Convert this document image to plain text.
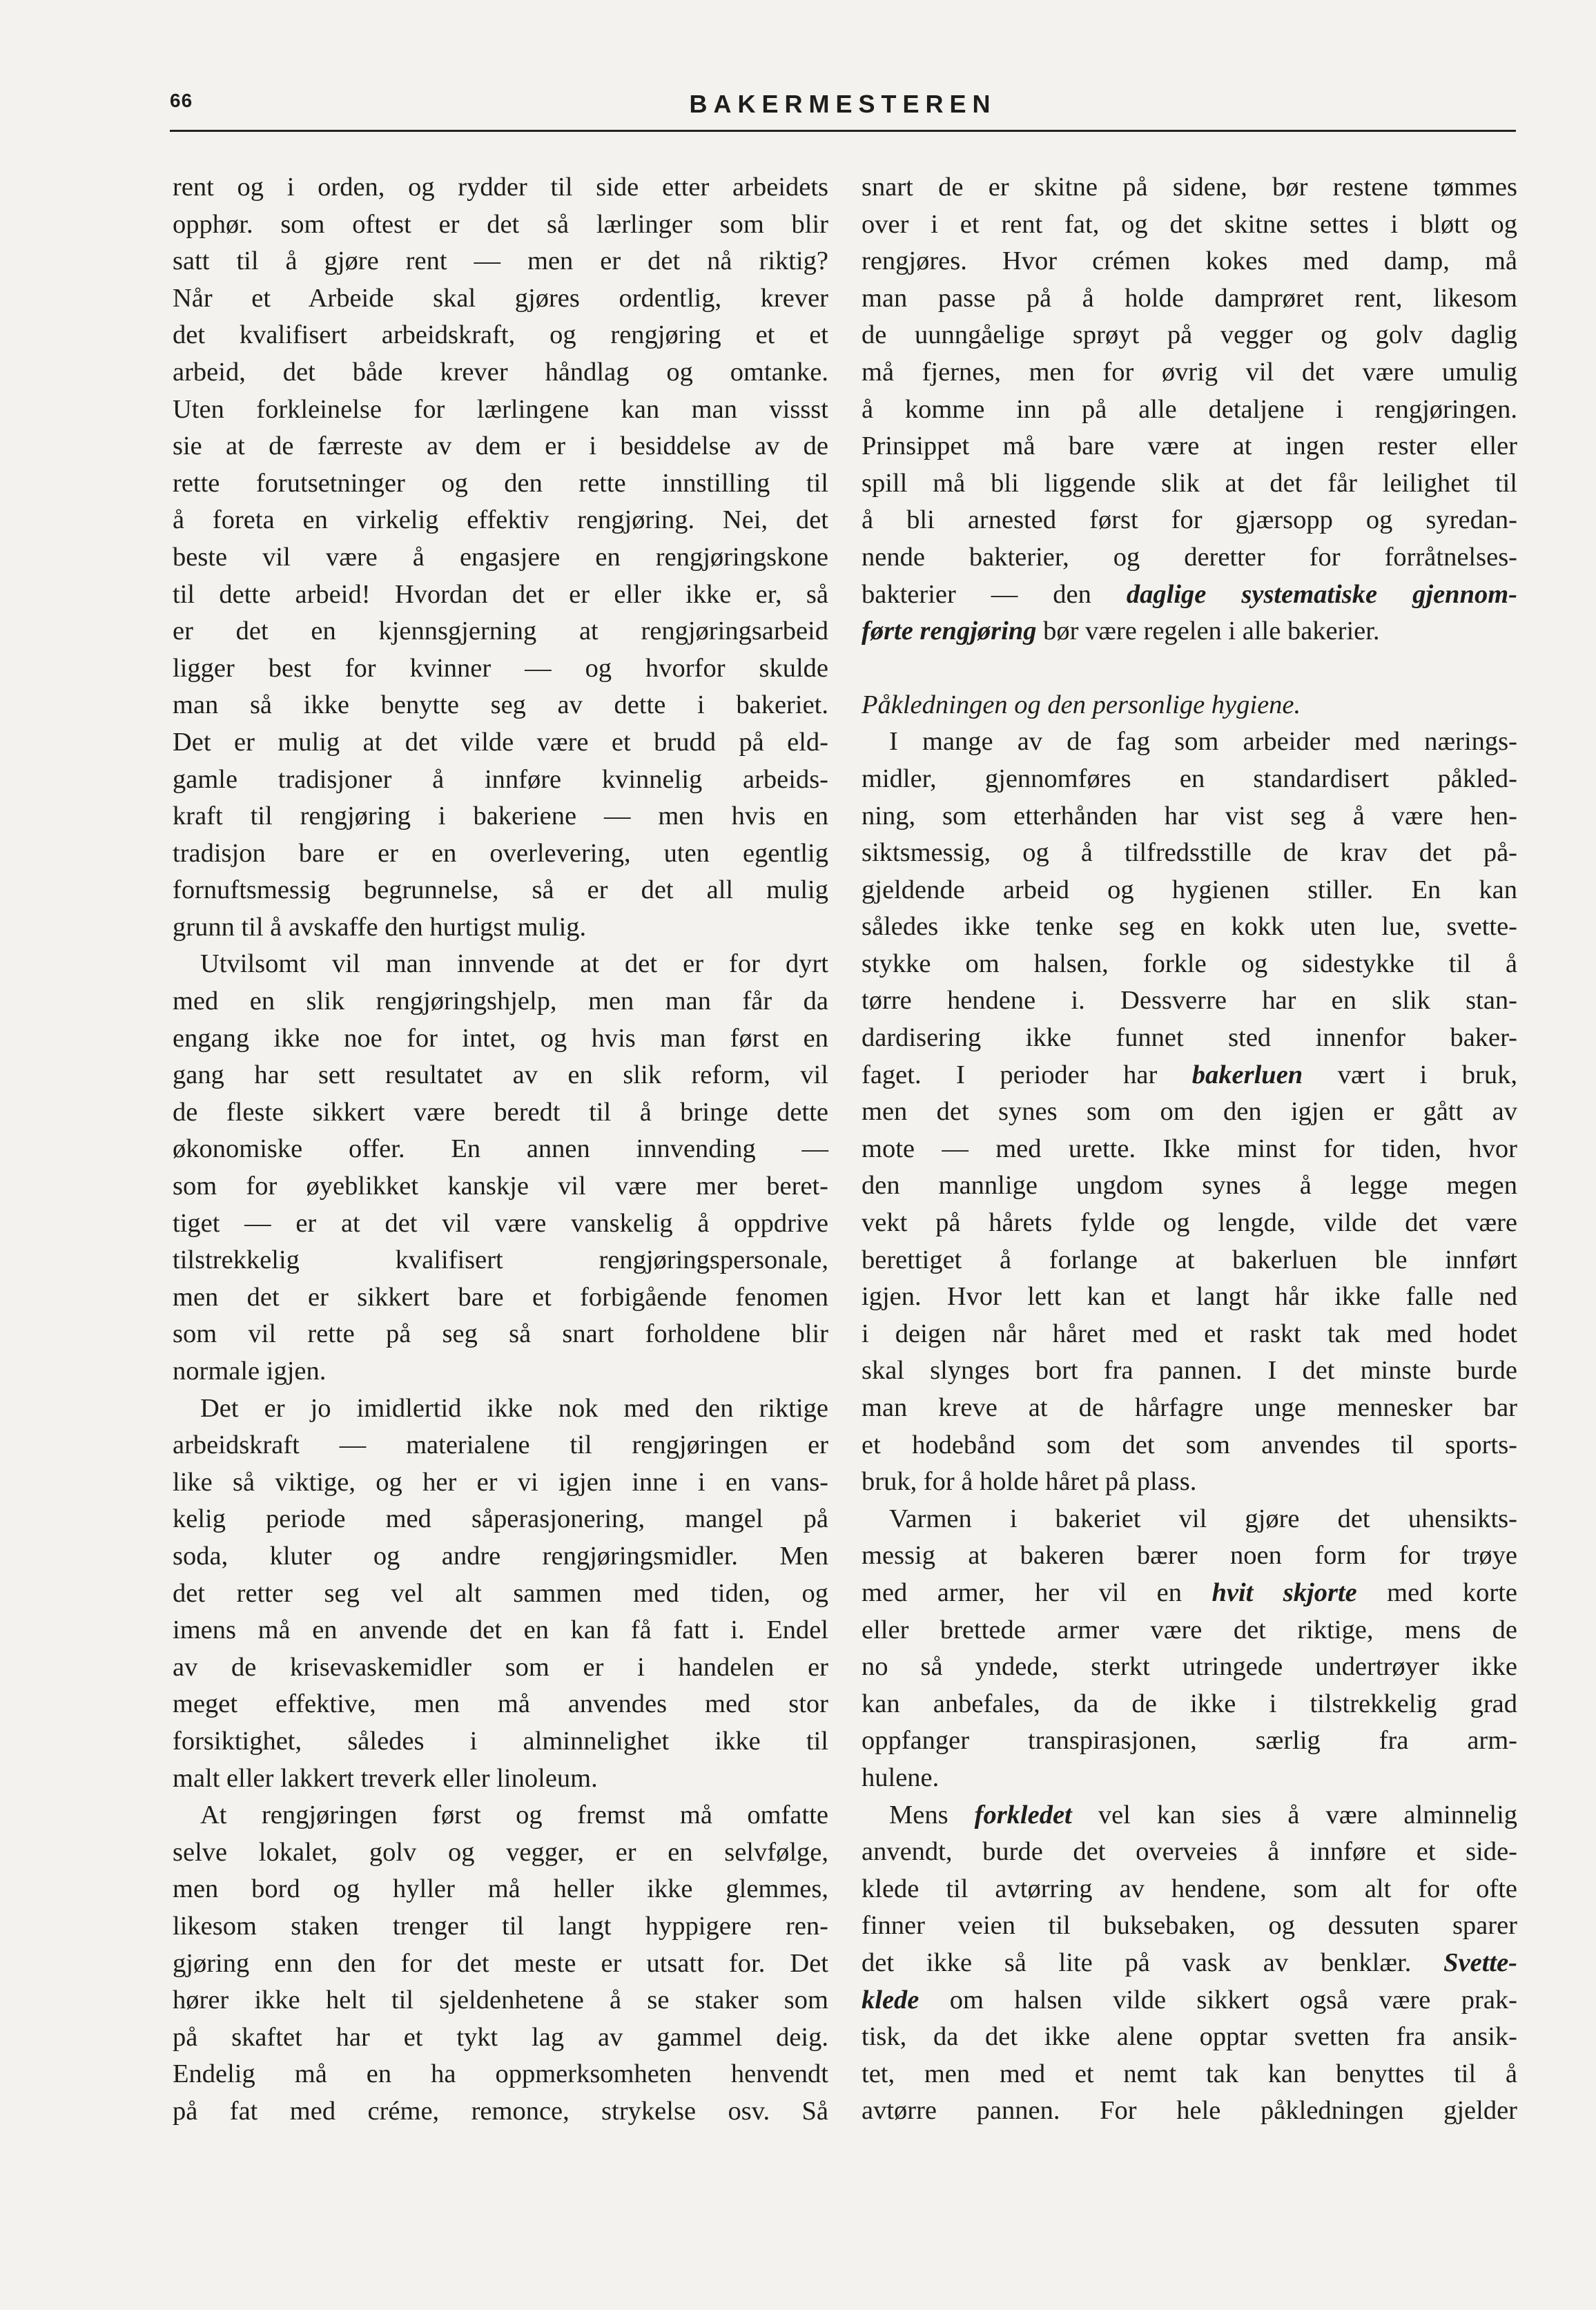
66	BAKERMESTEREN
rent og i orden, og rydder til side etter arbeidets
opphør. som oftest er det så lærlinger som blir
satt til å gjøre rent — men er det nå riktig?
Når et Arbeide skal gjøres ordentlig, krever
det kvalifisert arbeidskraft, og rengjøring et et
arbeid, det både krever håndlag og omtanke.
Uten forkleinelse for lærlingene kan man vissst
sie at de færreste av dem er i besiddelse av de
rette forutsetninger og den rette innstilling til
å foreta en virkelig effektiv rengjøring. Nei, det
beste vil være å engasjere en rengjøringskone
til dette arbeid! Hvordan det er eller ikke er, så
er det en kjennsgjerning at rengjøringsarbeid
ligger best for kvinner — og hvorfor skulde
man så ikke benytte seg av dette i bakeriet.
Det er mulig at det vilde være et brudd på eld-
gamle tradisjoner å innføre kvinnelig arbeids-
kraft til rengjøring i bakeriene — men hvis en
tradisjon bare er en overlevering, uten egentlig
fornuftsmessig begrunnelse, så er det all mulig
grunn til å avskaffe den hurtigst mulig.
Utvilsomt vil man innvende at det er for dyrt
med en slik rengjøringshjelp, men man får da
engang ikke noe for intet, og hvis man først en
gang har sett resultatet av en slik reform, vil
de fleste sikkert være beredt til å bringe dette
økonomiske offer. En annen innvending —
som for øyeblikket kanskje vil være mer beret-
tiget — er at det vil være vanskelig å oppdrive
tilstrekkelig kvalifisert rengjøringspersonale,
men det er sikkert bare et forbigående fenomen
som vil rette på seg så snart forholdene blir
normale igjen.
Det er jo imidlertid ikke nok med den riktige
arbeidskraft — materialene til rengjøringen er
like så viktige, og her er vi igjen inne i en vans-
kelig periode med såperasjonering, mangel på
soda, kluter og andre rengjøringsmidler. Men
det retter seg vel alt sammen med tiden, og
imens må en anvende det en kan få fatt i. Endel
av de krisevaskemidler som er i handelen er
meget effektive, men må anvendes med stor
forsiktighet, således i alminnelighet ikke til
malt eller lakkert treverk eller linoleum.
At rengjøringen først og fremst må omfatte
selve lokalet, golv og vegger, er en selvfølge,
men bord og hyller må heller ikke glemmes,
likesom staken trenger til langt hyppigere ren-
gjøring enn den for det meste er utsatt for. Det
hører ikke helt til sjeldenhetene å se staker som
på skaftet har et tykt lag av gammel deig.
Endelig må en ha oppmerksomheten henvendt
på fat med créme, remonce, strykelse osv. Så
snart de er skitne på sidene, bør restene tømmes
over i et rent fat, og det skitne settes i bløtt og
rengjøres. Hvor crémen kokes med damp, må
man passe på å holde damprøret rent, likesom
de uunngåelige sprøyt på vegger og golv daglig
må fjernes, men for øvrig vil det være umulig
å komme inn på alle detaljene i rengjøringen.
Prinsippet må bare være at ingen rester eller
spill må bli liggende slik at det får leilighet til
å bli arnested først for gjærsopp og syredan-
nende bakterier, og deretter for forråtnelses-
bakterier — den daglige systematiske gjennom-
førte rengjøring bør være regelen i alle bakerier.
Påkledningen og den personlige hygiene.
I mange av de fag som arbeider med nærings-
midler, gjennomføres en standardisert påkled-
ning, som etterhånden har vist seg å være hen-
siktsmessig, og å tilfredsstille de krav det på-
gjeldende arbeid og hygienen stiller. En kan
således ikke tenke seg en kokk uten lue, svette-
stykke om halsen, forkle og sidestykke til å
tørre hendene i. Dessverre har en slik stan-
dardisering ikke funnet sted innenfor baker-
faget. I perioder har bakerluen vært i bruk,
men det synes som om den igjen er gått av
mote — med urette. Ikke minst for tiden, hvor
den mannlige ungdom synes å legge megen
vekt på hårets fylde og lengde, vilde det være
berettiget å forlange at bakerluen ble innført
igjen. Hvor lett kan et langt hår ikke falle ned
i deigen når håret med et raskt tak med hodet
skal slynges bort fra pannen. I det minste burde
man kreve at de hårfagre unge mennesker bar
et hodebånd som det som anvendes til sports-
bruk, for å holde håret på plass.
Varmen i bakeriet vil gjøre det uhensikts-
messig at bakeren bærer noen form for trøye
med armer, her vil en hvit skjorte med korte
eller brettede armer være det riktige, mens de
no så yndede, sterkt utringede undertrøyer ikke
kan anbefales, da de ikke i tilstrekkelig grad
oppfanger transpirasjonen, særlig fra arm-
hulene.
Mens forkledet vel kan sies å være alminnelig
anvendt, burde det overveies å innføre et side-
klede til avtørring av hendene, som alt for ofte
finner veien til buksebaken, og dessuten sparer
det ikke så lite på vask av benklær. Svette-
klede om halsen vilde sikkert også være prak-
tisk, da det ikke alene opptar svetten fra ansik-
tet, men med et nemt tak kan benyttes til å
avtørre pannen. For hele påkledningen gjelder
